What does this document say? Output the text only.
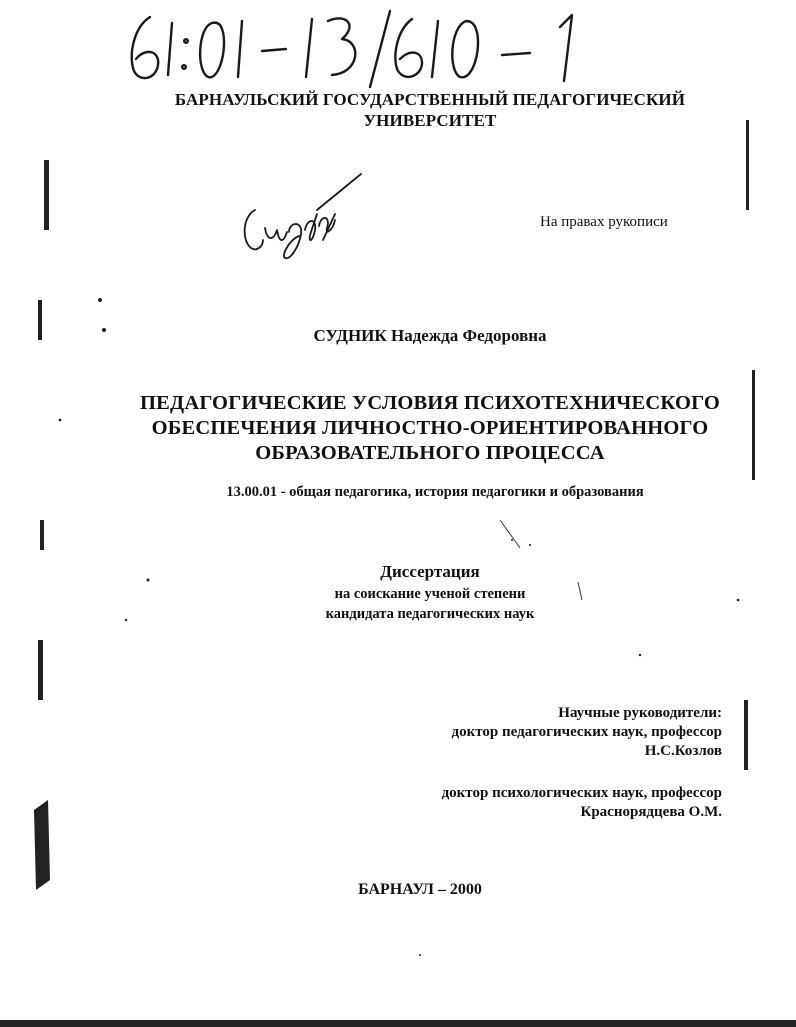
БАРНАУЛЬСКИЙ ГОСУДАРСТВЕННЫЙ ПЕДАГОГИЧЕСКИЙ
УНИВЕРСИТЕТ
На правах рукописи
СУДНИК Надежда Федоровна
ПЕДАГОГИЧЕСКИЕ УСЛОВИЯ ПСИХОТЕХНИЧЕСКОГО
ОБЕСПЕЧЕНИЯ ЛИЧНОСТНО-ОРИЕНТИРОВАННОГО
ОБРАЗОВАТЕЛЬНОГО ПРОЦЕССА
13.00.01 - общая педагогика, история педагогики и образования
Диссертация
на соискание ученой степени
кандидата педагогических наук
Научные руководители:
доктор педагогических наук, профессор
Н.С.Козлов
доктор психологических наук, профессор
Краснорядцева О.М.
БАРНАУЛ – 2000
